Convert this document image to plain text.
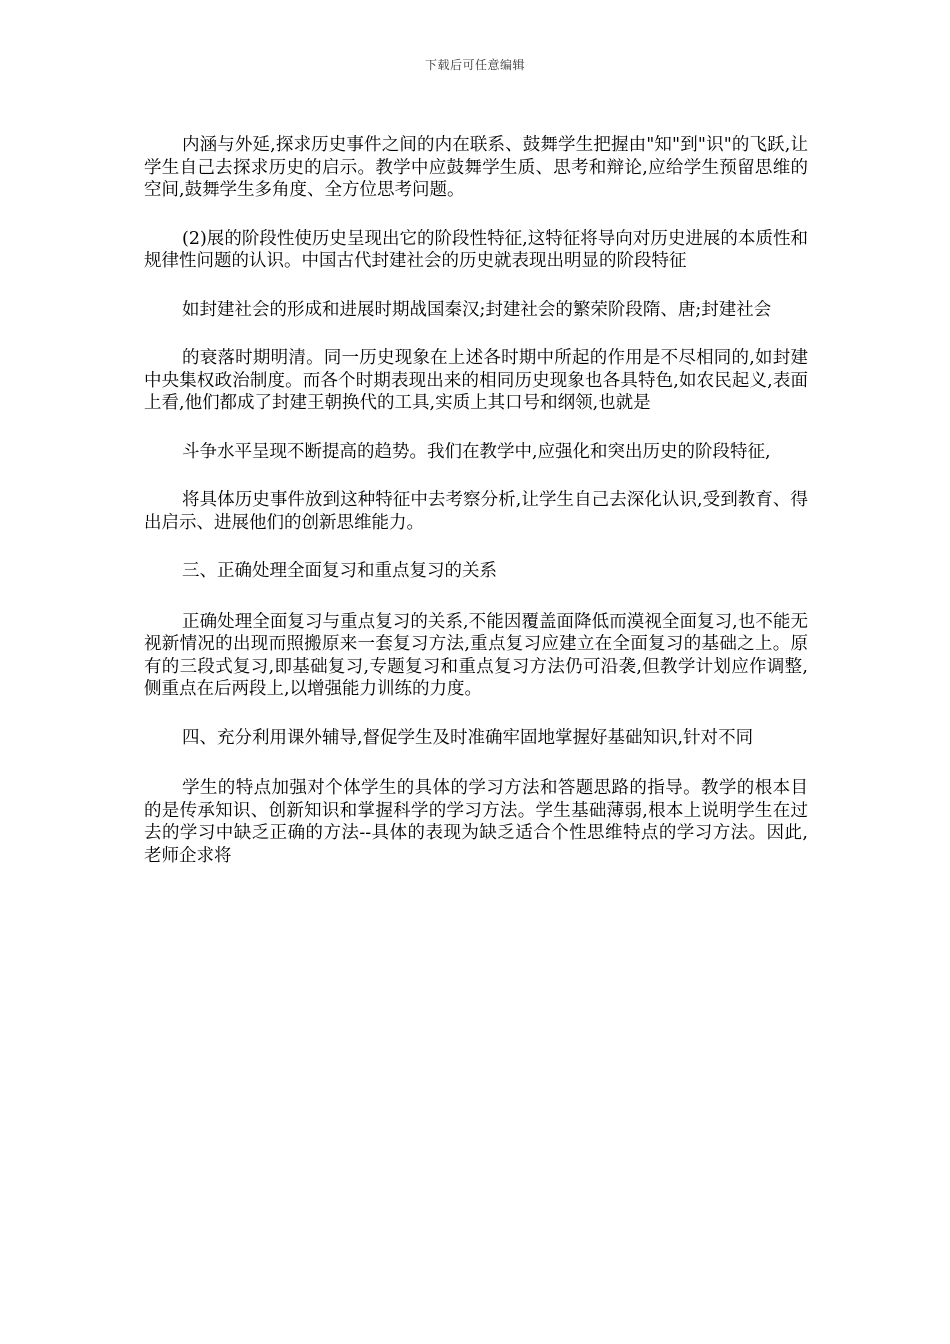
下载后可任意编辑

内涵与外延,探求历史事件之间的内在联系、鼓舞学生把握由"知"到"识"的飞跃,让学生自己去探求历史的启示。教学中应鼓舞学生质、思考和辩论,应给学生预留思维的空间,鼓舞学生多角度、全方位思考问题。

(2)展的阶段性使历史呈现出它的阶段性特征,这特征将导向对历史进展的本质性和规律性问题的认识。中国古代封建社会的历史就表现出明显的阶段特征

如封建社会的形成和进展时期战国秦汉;封建社会的繁荣阶段隋、唐;封建社会

的衰落时期明清。同一历史现象在上述各时期中所起的作用是不尽相同的,如封建中央集权政治制度。而各个时期表现出来的相同历史现象也各具特色,如农民起义,表面上看,他们都成了封建王朝换代的工具,实质上其口号和纲领,也就是

斗争水平呈现不断提高的趋势。我们在教学中,应强化和突出历史的阶段特征,

将具体历史事件放到这种特征中去考察分析,让学生自己去深化认识,受到教育、得出启示、进展他们的创新思维能力。

三、正确处理全面复习和重点复习的关系

正确处理全面复习与重点复习的关系,不能因覆盖面降低而漠视全面复习,也不能无视新情况的出现而照搬原来一套复习方法,重点复习应建立在全面复习的基础之上。原有的三段式复习,即基础复习,专题复习和重点复习方法仍可沿袭,但教学计划应作调整,侧重点在后两段上,以增强能力训练的力度。

四、充分利用课外辅导,督促学生及时准确牢固地掌握好基础知识,针对不同

学生的特点加强对个体学生的具体的学习方法和答题思路的指导。教学的根本目的是传承知识、创新知识和掌握科学的学习方法。学生基础薄弱,根本上说明学生在过去的学习中缺乏正确的方法--具体的表现为缺乏适合个性思维特点的学习方法。因此,老师企求将
